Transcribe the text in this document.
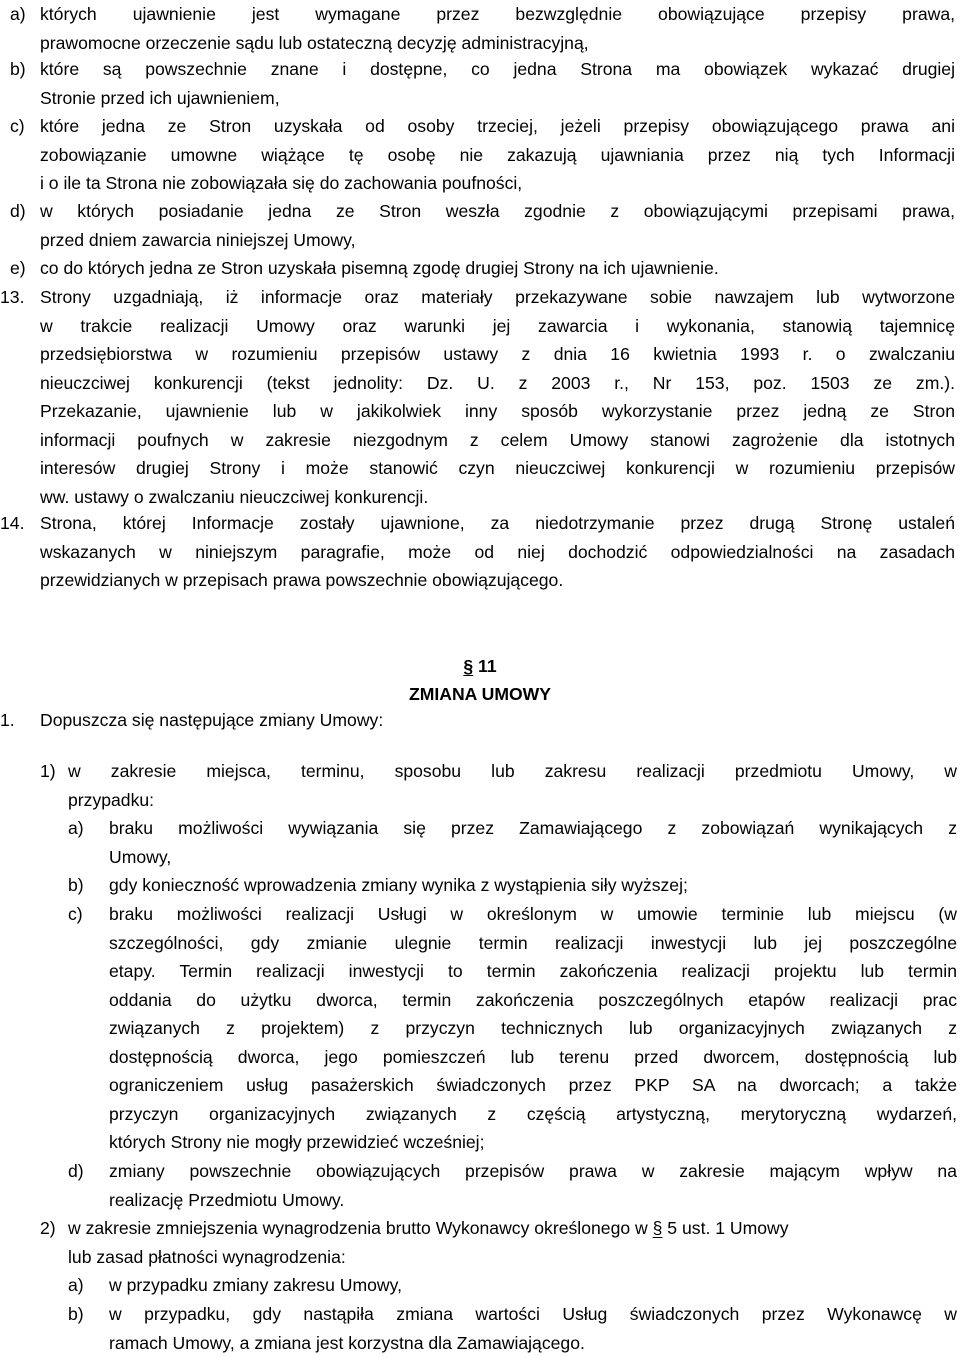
a) których ujawnienie jest wymagane przez bezwzględnie obowiązujące przepisy prawa,
prawomocne orzeczenie sądu lub ostateczną decyzję administracyjną,
b) które są powszechnie znane i dostępne, co jedna Strona ma obowiązek wykazać drugiej
Stronie przed ich ujawnieniem,
c) które jedna ze Stron uzyskała od osoby trzeciej, jeżeli przepisy obowiązującego prawa ani
zobowiązanie umowne wiążące tę osobę nie zakazują ujawniania przez nią tych Informacji
i o ile ta Strona nie zobowiązała się do zachowania poufności,
d) w których posiadanie jedna ze Stron weszła zgodnie z obowiązującymi przepisami prawa,
przed dniem zawarcia niniejszej Umowy,
e) co do których jedna ze Stron uzyskała pisemną zgodę drugiej Strony na ich ujawnienie.
13. Strony uzgadniają, iż informacje oraz materiały przekazywane sobie nawzajem lub wytworzone
w trakcie realizacji Umowy oraz warunki jej zawarcia i wykonania, stanowią tajemnicę
przedsiębiorstwa w rozumieniu przepisów ustawy z dnia 16 kwietnia 1993 r. o zwalczaniu
nieuczciwej konkurencji (tekst jednolity: Dz. U. z 2003 r., Nr 153, poz. 1503 ze zm.).
Przekazanie, ujawnienie lub w jakikolwiek inny sposób wykorzystanie przez jedną ze Stron
informacji poufnych w zakresie niezgodnym z celem Umowy stanowi zagrożenie dla istotnych
interesów drugiej Strony i może stanowić czyn nieuczciwej konkurencji w rozumieniu przepisów
ww. ustawy o zwalczaniu nieuczciwej konkurencji.
14. Strona, której Informacje zostały ujawnione, za niedotrzymanie przez drugą Stronę ustaleń
wskazanych w niniejszym paragrafie, może od niej dochodzić odpowiedzialności na zasadach
przewidzianych w przepisach prawa powszechnie obowiązującego.
§ 11
ZMIANA UMOWY
1. Dopuszcza się następujące zmiany Umowy:
1) w zakresie miejsca, terminu, sposobu lub zakresu realizacji przedmiotu Umowy, w
przypadku:
a) braku możliwości wywiązania się przez Zamawiającego z zobowiązań wynikających z
Umowy,
b) gdy konieczność wprowadzenia zmiany wynika z wystąpienia siły wyższej;
c) braku możliwości realizacji Usługi w określonym w umowie terminie lub miejscu (w
szczególności, gdy zmianie ulegnie termin realizacji inwestycji lub jej poszczególne
etapy. Termin realizacji inwestycji to termin zakończenia realizacji projektu lub termin
oddania do użytku dworca, termin zakończenia poszczególnych etapów realizacji prac
związanych z projektem) z przyczyn technicznych lub organizacyjnych związanych z
dostępnością dworca, jego pomieszczeń lub terenu przed dworcem, dostępnością lub
ograniczeniem usług pasażerskich świadczonych przez PKP SA na dworcach; a także
przyczyn organizacyjnych związanych z częścią artystyczną, merytoryczną wydarzeń,
których Strony nie mogły przewidzieć wcześniej;
d) zmiany powszechnie obowiązujących przepisów prawa w zakresie mającym wpływ na
realizację Przedmiotu Umowy.
2) w zakresie zmniejszenia wynagrodzenia brutto Wykonawcy określonego w § 5 ust. 1 Umowy
lub zasad płatności wynagrodzenia:
a) w przypadku zmiany zakresu Umowy,
b) w przypadku, gdy nastąpiła zmiana wartości Usług świadczonych przez Wykonawcę w
ramach Umowy, a zmiana jest korzystna dla Zamawiającego.
